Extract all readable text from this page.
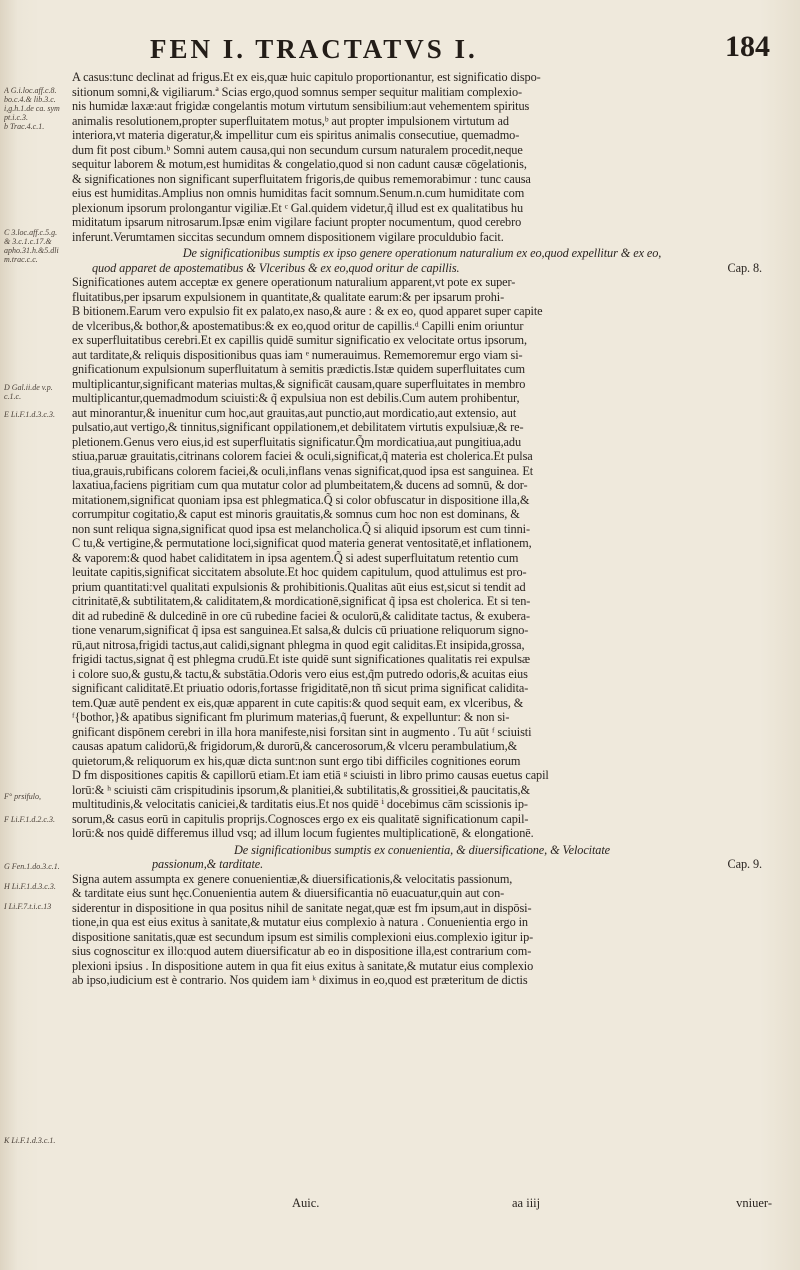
FEN I. TRACTATVS I.	184
A G.i.loc.aff.c.8.
bo.c.4.& lib.3.c.
i,g.h.1.de ca. sym
pt.i.c.3.
b Trac.4.c.1.
C 3.loc.aff.c.5.g.
& 3.c.1.c.17.&
apho.31.h.&5.dli
m.trac.c.c.
D Gal.ii.de v.p.
c.1.c.
E Li.F.1.d.3.c.3.
F° prsifulo,
F Li.F.1.d.2.c.3.
G Fen.1.do.3.c.1.
H Li.F.1.d.3.c.3.
I Li.F.7.t.i.c.13
K Li.F.1.d.3.c.1.
A casus:tunc declinat ad frigus.Et ex eis,quæ huic capitulo proportionantur, est significatio dispo-
sitionum somni,& vigiliarum.ª Scias ergo,quod somnus semper sequitur malitiam complexio-
nis humidæ laxæ:aut frigidæ congelantis motum virtutum sensibilium:aut vehementem spiritus
animalis resolutionem,propter superfluitatem motus,ᵇ aut propter impulsionem virtutum ad
interiora,vt materia digeratur,& impellitur cum eis spiritus animalis consecutiue, quemadmo-
dum fit post cibum.ᵇ Somni autem causa,qui non secundum cursum naturalem procedit,neque
sequitur laborem & motum,est humiditas & congelatio,quod si non cadunt causæ cōgelationis,
& significationes non significant superfluitatem frigoris,de quibus rememorabimur : tunc causa
eius est humiditas.Amplius non omnis humiditas facit somnum.Senum.n.cum humiditate com
plexionum ipsorum prolongantur vigiliæ.Et ᶜ Gal.quidem videtur,q̃ illud est ex qualitatibus hu
miditatum ipsarum nitrosarum.Ipsæ enim vigilare faciunt propter nocumentum, quod cerebro
inferunt.Verumtamen siccitas secundum omnem dispositionem vigilare proculdubio facit.
De significationibus sumptis ex ipso genere operationum naturalium ex eo,quod expellitur & ex eo,
quod apparet de apostematibus & Vlceribus & ex eo,quod oritur de capillis.	Cap. 8.
Significationes autem acceptæ ex genere operationum naturalium apparent,vt pote ex super-
fluitatibus,per ipsarum expulsionem in quantitate,& qualitate earum:& per ipsarum prohi-
B bitionem.Earum vero expulsio fit ex palato,ex naso,& aure : & ex eo, quod apparet super capite
de vlceribus,& bothor,& apostematibus:& ex eo,quod oritur de capillis.ᵈ Capilli enim oriuntur
ex superfluitatibus cerebri.Et ex capillis quidē sumitur significatio ex velocitate ortus ipsorum,
aut tarditate,& reliquis dispositionibus quas iam ᵉ numerauimus. Rememoremur ergo viam si-
gnificationum expulsionum superfluitatum à semitis prædictis.Istæ quidem superfluitates cum
multiplicantur,significant materias multas,& significāt causam,quare superfluitates in membro
multiplicantur,quemadmodum sciuisti:& q̃ expulsiua non est debilis.Cum autem prohibentur,
aut minorantur,& inuenitur cum hoc,aut grauitas,aut punctio,aut mordicatio,aut extensio, aut
pulsatio,aut vertigo,& tinnitus,significant oppilationem,et debilitatem virtutis expulsiuæ,& re-
pletionem.Genus vero eius,id est superfluitatis significatur.Q̃m mordicatiua,aut pungitiua,adu
stiua,paruæ grauitatis,citrinans colorem faciei & oculi,significat,q̃ materia est cholerica.Et pulsa
tiua,grauis,rubificans colorem faciei,& oculi,inflans venas significat,quod ipsa est sanguinea. Et
laxatiua,faciens pigritiam cum qua mutatur color ad plumbeitatem,& ducens ad somnū, & dor-
mitationem,significat quoniam ipsa est phlegmatica.Q̃ si color obfuscatur in dispositione illa,&
corrumpitur cogitatio,& caput est minoris grauitatis,& somnus cum hoc non est dominans, &
non sunt reliqua signa,significat quod ipsa est melancholica.Q̃ si aliquid ipsorum est cum tinni-
C tu,& vertigine,& permutatione loci,significat quod materia generat ventositatē,et inflationem,
& vaporem:& quod habet caliditatem in ipsa agentem.Q̃ si adest superfluitatum retentio cum
leuitate capitis,significat siccitatem absolute.Et hoc quidem capitulum, quod attulimus est pro-
prium quantitati:vel qualitati expulsionis & prohibitionis.Qualitas aūt eius est,sicut si tendit ad
citrinitatē,& subtilitatem,& caliditatem,& mordicationē,significat q̃ ipsa est cholerica. Et si ten-
dit ad rubedinē & dulcedinē in ore cū rubedine faciei & oculorū,& caliditate tactus, & exubera-
tione venarum,significat q̃ ipsa est sanguinea.Et salsa,& dulcis cū priuatione reliquorum signo-
rū,aut nitrosa,frigidi tactus,aut calidi,signant phlegma in quod egit caliditas.Et insipida,grossa,
frigidi tactus,signat q̃ est phlegma crudū.Et iste quidē sunt significationes qualitatis rei expulsæ
i colore suo,& gustu,& tactu,& substātia.Odoris vero eius est,q̃m putredo odoris,& acuitas eius
significant caliditatē.Et priuatio odoris,fortasse frigiditatē,non tñ sicut prima significat calidita-
tem.Quæ autē pendent ex eis,quæ apparent in cute capitis:& quod sequit eam, ex vlceribus, &
ᶠ{bothor,}& apatibus significant fm plurimum materias,q̃ fuerunt, & expelluntur: & non si-
gnificant dispōnem cerebri in illa hora manifeste,nisi forsitan sint in augmento . Tu aūt ᶠ sciuisti
causas apatum calidorū,& frigidorum,& durorū,& cancerosorum,& vlceru perambulatium,&
quietorum,& reliquorum ex his,quæ dicta sunt:non sunt ergo tibi difficiles cognitiones eorum
D fm dispositiones capitis & capillorū etiam.Et iam etiā ᵍ sciuisti in libro primo causas euetus capil
lorū:& ʰ sciuisti cām crispitudinis ipsorum,& planitiei,& subtilitatis,& grossitiei,& paucitatis,&
multitudinis,& velocitatis caniciei,& tarditatis eius.Et nos quidē ⁱ docebimus cām scissionis ip-
sorum,& casus eorū in capitulis proprijs.Cognosces ergo ex eis qualitatē significationum capil-
lorū:& nos quidē differemus illud vsq; ad illum locum fugientes multiplicationē, & elongationē.
De significationibus sumptis ex conuenientia, & diuersificatione, & Velocitate
passionum,& tarditate.	Cap. 9.
Signa autem assumpta ex genere conuenientiæ,& diuersificationis,& velocitatis passionum,
& tarditate eius sunt hęc.Conuenientia autem & diuersificantia nō euacuatur,quin aut con-
siderentur in dispositione in qua positus nihil de sanitate negat,quæ est fm ipsum,aut in dispōsi-
tione,in qua est eius exitus à sanitate,& mutatur eius complexio à natura . Conuenientia ergo in
dispositione sanitatis,quæ est secundum ipsum est similis complexioni eius.complexio igitur ip-
sius cognoscitur ex illo:quod autem diuersificatur ab eo in dispositione illa,est contrarium com-
plexioni ipsius . In dispositione autem in qua fit eius exitus à sanitate,& mutatur eius complexio
ab ipso,iudicium est è contrario. Nos quidem iam ᵏ diximus in eo,quod est præteritum de dictis
Auic.	aa iiij	vniuer-
